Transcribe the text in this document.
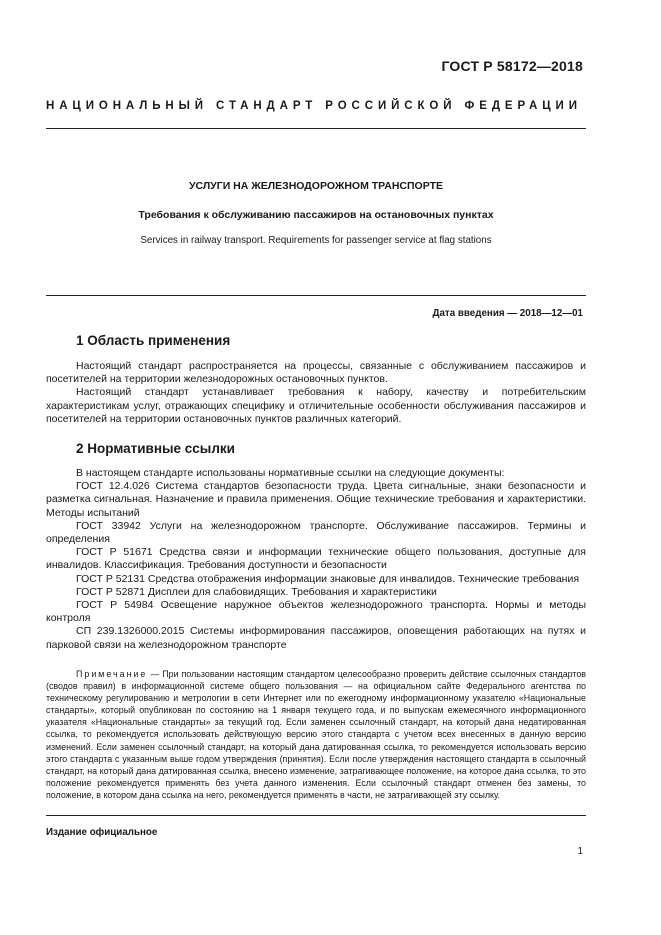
ГОСТ Р 58172—2018
НАЦИОНАЛЬНЫЙ СТАНДАРТ РОССИЙСКОЙ ФЕДЕРАЦИИ
УСЛУГИ НА ЖЕЛЕЗНОДОРОЖНОМ ТРАНСПОРТЕ
Требования к обслуживанию пассажиров на остановочных пунктах
Services in railway transport. Requirements for passenger service at flag stations
Дата введения — 2018—12—01
1 Область применения

Настоящий стандарт распространяется на процессы, связанные с обслуживанием пассажиров и посетителей на территории железнодорожных остановочных пунктов.

Настоящий стандарт устанавливает требования к набору, качеству и потребительским характеристикам услуг, отражающих специфику и отличительные особенности обслуживания пассажиров и посетителей на территории остановочных пунктов различных категорий.

2 Нормативные ссылки

В настоящем стандарте использованы нормативные ссылки на следующие документы:

ГОСТ 12.4.026 Система стандартов безопасности труда. Цвета сигнальные, знаки безопасности и разметка сигнальная. Назначение и правила применения. Общие технические требования и характеристики. Методы испытаний

ГОСТ 33942 Услуги на железнодорожном транспорте. Обслуживание пассажиров. Термины и определения

ГОСТ Р 51671 Средства связи и информации технические общего пользования, доступные для инвалидов. Классификация. Требования доступности и безопасности

ГОСТ Р 52131 Средства отображения информации знаковые для инвалидов. Технические требования

ГОСТ Р 52871 Дисплеи для слабовидящих. Требования и характеристики

ГОСТ Р 54984 Освещение наружное объектов железнодорожного транспорта. Нормы и методы контроля

СП 239.1326000.2015 Системы информирования пассажиров, оповещения работающих на путях и парковой связи на железнодорожном транспорте

Примечание — При пользовании настоящим стандартом целесообразно проверить действие ссылочных стандартов (сводов правил) в информационной системе общего пользования — на официальном сайте Федерального агентства по техническому регулированию и метрологии в сети Интернет или по ежегодному информационному указателю «Национальные стандарты», который опубликован по состоянию на 1 января текущего года, и по выпускам ежемесячного информационного указателя «Национальные стандарты» за текущий год. Если заменен ссылочный стандарт, на который дана недатированная ссылка, то рекомендуется использовать действующую версию этого стандарта с учетом всех внесенных в данную версию изменений. Если заменен ссылочный стандарт, на который дана датированная ссылка, то рекомендуется использовать версию этого стандарта с указанным выше годом утверждения (принятия). Если после утверждения настоящего стандарта в ссылочный стандарт, на который дана датированная ссылка, внесено изменение, затрагивающее положение, на которое дана ссылка, то это положение рекомендуется применять без учета данного изменения. Если ссылочный стандарт отменен без замены, то положение, в котором дана ссылка на него, рекомендуется применять в части, не затрагивающей эту ссылку.

Издание официальное
1
